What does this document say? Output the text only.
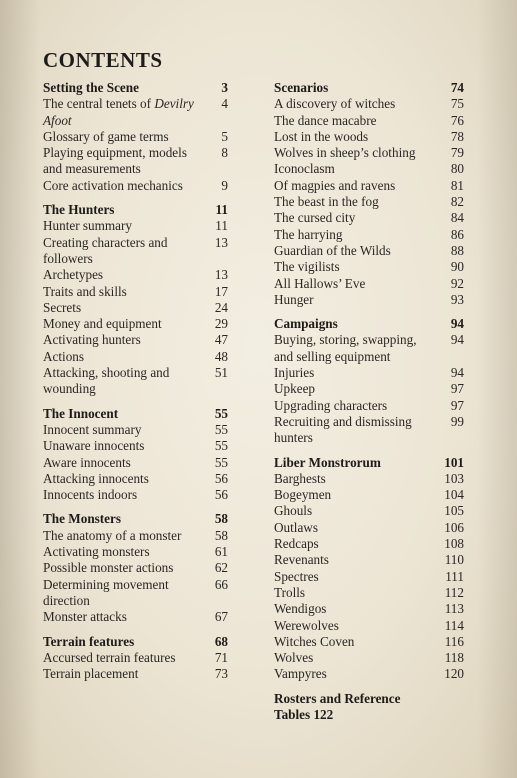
CONTENTS
Setting the Scene	3
The central tenets of Devilry Afoot
4
Glossary of game terms	5
Playing equipment, models and measurements
8
Core activation mechanics	9
The Hunters	11
Hunter summary	11
Creating characters and followers
13
Archetypes	13
Traits and skills	17
Secrets	24
Money and equipment	29
Activating hunters	47
Actions	48
Attacking, shooting and wounding
51
The Innocent	55
Innocent summary	55
Unaware innocents	55
Aware innocents	55
Attacking innocents	56
Innocents indoors	56
The Monsters	58
The anatomy of a monster	58
Activating monsters	61
Possible monster actions	62
Determining movement direction
66
Monster attacks	67
Terrain features	68
Accursed terrain features	71
Terrain placement	73
Scenarios	74
A discovery of witches	75
The dance macabre	76
Lost in the woods	78
Wolves in sheep’s clothing	79
Iconoclasm	80
Of magpies and ravens	81
The beast in the fog	82
The cursed city	84
The harrying	86
Guardian of the Wilds	88
The vigilists	90
All Hallows’ Eve	92
Hunger	93
Campaigns	94
Buying, storing, swapping, and selling equipment
94
Injuries	94
Upkeep	97
Upgrading characters	97
Recruiting and dismissing hunters
99
Liber Monstrorum	101
Barghests	103
Bogeymen	104
Ghouls	105
Outlaws	106
Redcaps	108
Revenants	110
Spectres	111
Trolls	112
Wendigos	113
Werewolves	114
Witches Coven	116
Wolves	118
Vampyres	120
Rosters and Reference Tables 122
